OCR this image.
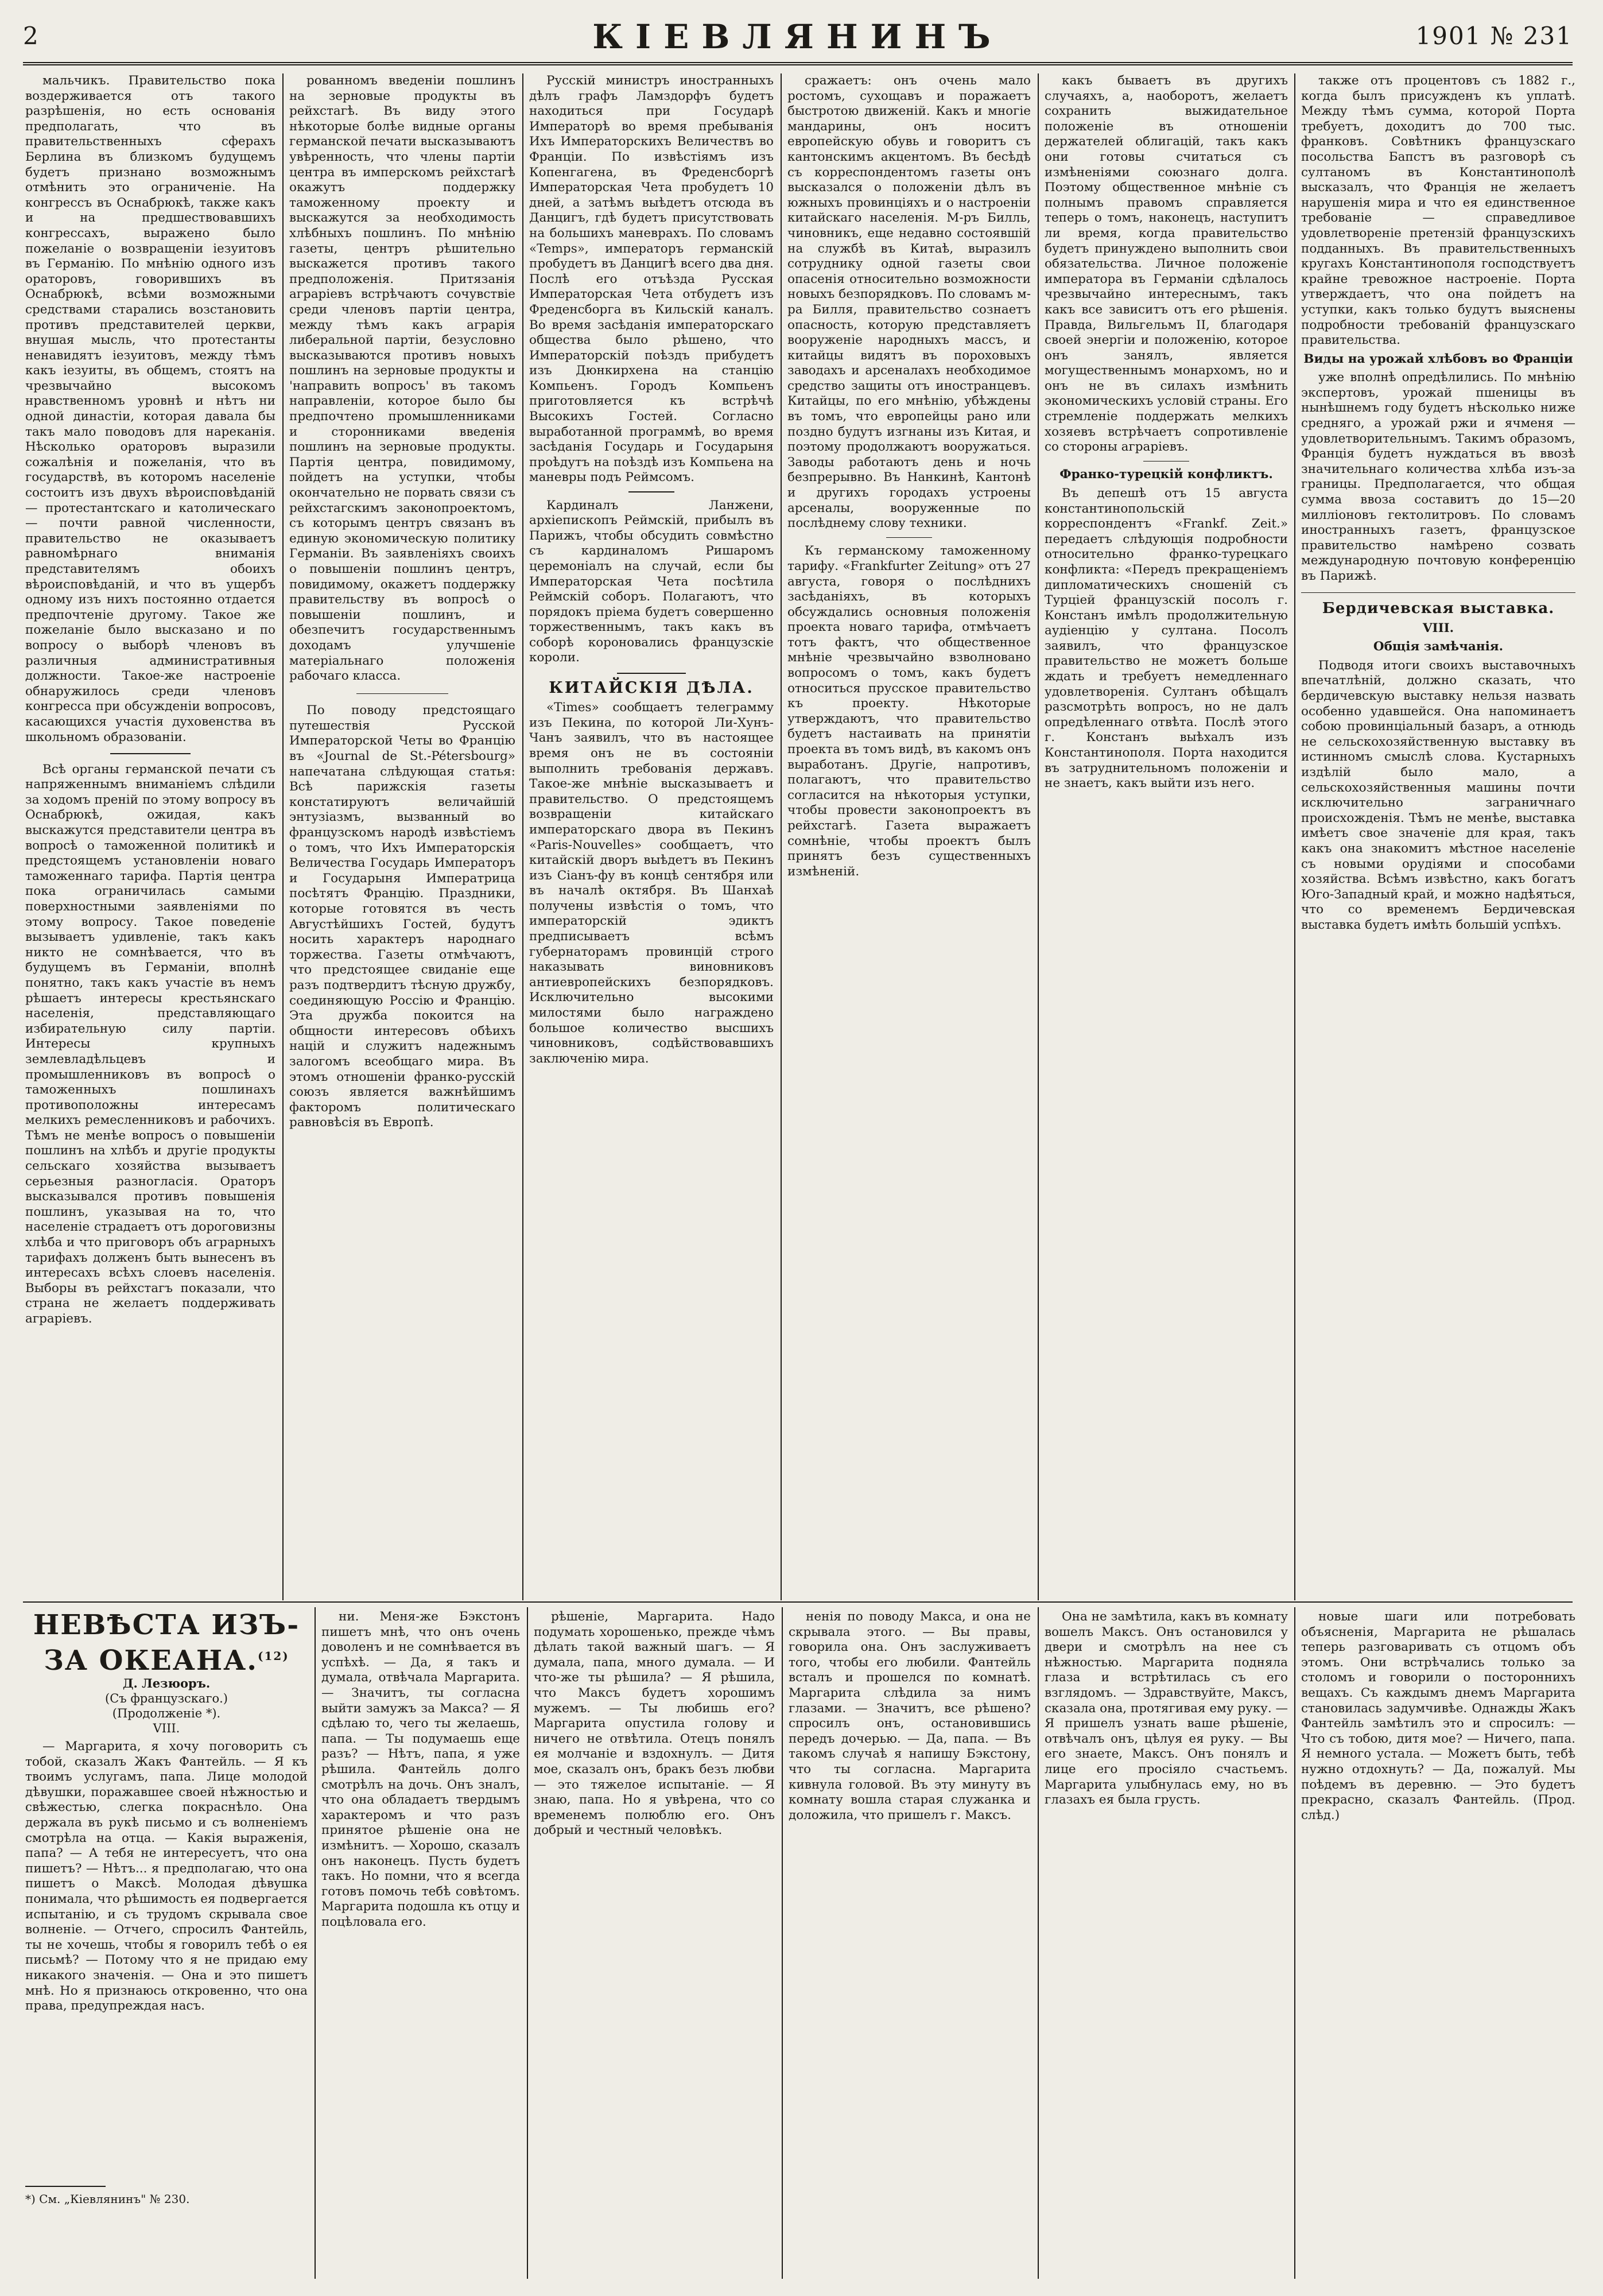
2	КІЕВЛЯНИНЪ	1901 № 231

мальчикъ. Правительство пока воздерживается отъ такого разрѣшенія, но есть основанія предполагать, что въ правительственныхъ сферахъ Берлина въ близкомъ будущемъ будетъ признано возможнымъ отмѣнить это ограниченіе. На конгрессъ въ Оснабрюкѣ, также какъ и на предшествовавшихъ конгрессахъ, выражено было пожеланіе о возвращеніи іезуитовъ въ Германію. По мнѣнію одного изъ ораторовъ, говорившихъ въ Оснабрюкѣ, всѣми возможными средствами старались возстановить противъ представителей церкви, внушая мысль, что протестанты ненавидятъ іезуитовъ, между тѣмъ какъ іезуиты, въ общемъ, стоятъ на чрезвычайно высокомъ нравственномъ уровнѣ и нѣтъ ни одной династіи, которая давала бы такъ мало поводовъ для нареканія. Нѣсколько ораторовъ выразили сожалѣнія и пожеланія, что въ государствѣ, въ которомъ населеніе состоитъ изъ двухъ вѣроисповѣданій — протестантскаго и католическаго — почти равной численности, правительство не оказываетъ равномѣрнаго вниманія представителямъ обоихъ вѣроисповѣданій, и что въ ущербъ одному изъ нихъ постоянно отдается предпочтеніе другому. Такое же пожеланіе было высказано и по вопросу о выборѣ членовъ въ различныя административныя должности. Такое-же настроеніе обнаружилось среди членовъ конгресса при обсужденіи вопросовъ, касающихся участія духовенства въ школьномъ образованіи.

Всѣ органы германской печати съ напряженнымъ вниманіемъ слѣдили за ходомъ преній по этому вопросу въ Оснабрюкѣ, ожидая, какъ выскажутся представители центра въ вопросѣ о таможенной политикѣ и предстоящемъ установленіи новаго таможеннаго тарифа. Партія центра пока ограничилась самыми поверхностными заявленіями по этому вопросу. Такое поведеніе вызываетъ удивленіе, такъ какъ никто не сомнѣвается, что въ будущемъ въ Германіи, вполнѣ понятно, такъ какъ участіе въ немъ рѣшаетъ интересы крестьянскаго населенія, представляющаго избирательную силу партіи. Интересы крупныхъ землевладѣльцевъ и промышленниковъ въ вопросѣ о таможенныхъ пошлинахъ противоположны интересамъ мелкихъ ремесленниковъ и рабочихъ. Тѣмъ не менѣе вопросъ о повышеніи пошлинъ на хлѣбъ и другіе продукты сельскаго хозяйства вызываетъ серьезныя разногласія. Ораторъ высказывался противъ повышенія пошлинъ, указывая на то, что населеніе страдаетъ отъ дороговизны хлѣба и что приговоръ объ аграрныхъ тарифахъ долженъ быть вынесенъ въ интересахъ всѣхъ слоевъ населенія. Выборы въ рейхстагъ показали, что страна не желаетъ поддерживать аграріевъ.

рованномъ введеніи пошлинъ на зерновые продукты въ рейхстагѣ. Въ виду этого нѣкоторые болѣе видные органы германской печати высказываютъ увѣренность, что члены партіи центра въ имперскомъ рейхстагѣ окажутъ поддержку таможенному проекту и выскажутся за необходимость хлѣбныхъ пошлинъ. По мнѣнію газеты, центръ рѣшительно выскажется противъ такого предположенія. Притязанія аграріевъ встрѣчаютъ сочувствіе среди членовъ партіи центра, между тѣмъ какъ аграрія либеральной партіи, безусловно высказываются противъ новыхъ пошлинъ на зерновые продукты и 'направить вопросъ' въ такомъ направленіи, которое было бы предпочтено промышленниками и сторонниками введенія пошлинъ на зерновые продукты. Партія центра, повидимому, пойдетъ на уступки, чтобы окончательно не порвать связи съ рейхстагскимъ законопроектомъ, съ которымъ центръ связанъ въ единую экономическую политику Германіи. Въ заявленіяхъ своихъ о повышеніи пошлинъ центръ, повидимому, окажетъ поддержку правительству въ вопросѣ о повышеніи пошлинъ, и обезпечитъ государственнымъ доходамъ улучшеніе матеріальнаго положенія рабочаго класса.

По поводу предстоящаго путешествія Русской Императорской Четы во Францію въ «Journal de St.-Pétersbourg» напечатана слѣдующая статья: Всѣ парижскія газеты констатируютъ величайшій энтузіазмъ, вызванный во французскомъ народѣ извѣстіемъ о томъ, что Ихъ Императорскія Величества Государь Императоръ и Государыня Императрица посѣтятъ Францію. Праздники, которые готовятся въ честь Августѣйшихъ Гостей, будутъ носить характеръ народнаго торжества. Газеты отмѣчаютъ, что предстоящее свиданіе еще разъ подтвердитъ тѣсную дружбу, соединяющую Россію и Францію. Эта дружба покоится на общности интересовъ обѣихъ націй и служитъ надежнымъ залогомъ всеобщаго мира. Въ этомъ отношеніи франко-русскій союзъ является важнѣйшимъ факторомъ политическаго равновѣсія въ Европѣ.

Русскій министръ иностранныхъ дѣлъ графъ Ламздорфъ будетъ находиться при Государѣ Императорѣ во время пребыванія Ихъ Императорскихъ Величествъ во Франціи. По извѣстіямъ изъ Копенгагена, въ Фреденсборгѣ Императорская Чета пробудетъ 10 дней, а затѣмъ выѣдетъ отсюда въ Данцигъ, гдѣ будетъ присутствовать на большихъ маневрахъ. По словамъ «Temps», императоръ германскій пробудетъ въ Данцигѣ всего два дня. Послѣ его отъѣзда Русская Императорская Чета отбудетъ изъ Фреденсборга въ Кильскій каналъ. Во время засѣданія императорскаго общества было рѣшено, что Императорскій поѣздъ прибудетъ изъ Дюнкирхена на станцію Компьенъ. Городъ Компьенъ приготовляется къ встрѣчѣ Высокихъ Гостей. Согласно выработанной программѣ, во время засѣданія Государь и Государыня проѣдутъ на поѣздѣ изъ Компьена на маневры подъ Реймсомъ.

Кардиналъ Ланжени, архіепископъ Реймскій, прибылъ въ Парижъ, чтобы обсудить совмѣстно съ кардиналомъ Ришаромъ церемоніалъ на случай, если бы Императорская Чета посѣтила Реймскій соборъ. Полагаютъ, что порядокъ пріема будетъ совершенно торжественнымъ, такъ какъ въ соборѣ короновались французскіе короли.

КИТАЙСКІЯ ДѢЛА.

«Times» сообщаетъ телеграмму изъ Пекина, по которой Ли-Хунъ-Чанъ заявилъ, что въ настоящее время онъ не въ состояніи выполнить требованія державъ. Такое-же мнѣніе высказываетъ и правительство. О предстоящемъ возвращеніи китайскаго императорскаго двора въ Пекинъ «Paris-Nouvelles» сообщаетъ, что китайскій дворъ выѣдетъ въ Пекинъ изъ Сіанъ-фу въ концѣ сентября или въ началѣ октября. Въ Шанхаѣ получены извѣстія о томъ, что императорскій эдиктъ предписываетъ всѣмъ губернаторамъ провинцій строго наказывать виновниковъ антиевропейскихъ безпорядковъ. Исключительно высокими милостями было награждено большое количество высшихъ чиновниковъ, содѣйствовавшихъ заключенію мира.

сражаетъ: онъ очень мало ростомъ, сухощавъ и поражаетъ быстротою движеній. Какъ и многіе мандарины, онъ носитъ европейскую обувь и говоритъ съ кантонскимъ акцентомъ. Въ бесѣдѣ съ корреспондентомъ газеты онъ высказался о положеніи дѣлъ въ южныхъ провинціяхъ и о настроеніи китайскаго населенія. М-ръ Билль, чиновникъ, еще недавно состоявшій на службѣ въ Китаѣ, выразилъ сотруднику одной газеты свои опасенія относительно возможности новыхъ безпорядковъ. По словамъ м-ра Билля, правительство сознаетъ опасность, которую представляетъ вооруженіе народныхъ массъ, и китайцы видятъ въ пороховыхъ заводахъ и арсеналахъ необходимое средство защиты отъ иностранцевъ. Китайцы, по его мнѣнію, убѣждены въ томъ, что европейцы рано или поздно будутъ изгнаны изъ Китая, и поэтому продолжаютъ вооружаться. Заводы работаютъ день и ночь безпрерывно. Въ Нанкинѣ, Кантонѣ и другихъ городахъ устроены арсеналы, вооруженные по послѣднему слову техники.

Къ германскому таможенному тарифу. «Frankfurter Zeitung» отъ 27 августа, говоря о послѣднихъ засѣданіяхъ, въ которыхъ обсуждались основныя положенія проекта новаго тарифа, отмѣчаетъ тотъ фактъ, что общественное мнѣніе чрезвычайно взволновано вопросомъ о томъ, какъ будетъ относиться прусское правительство къ проекту. Нѣкоторые утверждаютъ, что правительство будетъ настаивать на принятіи проекта въ томъ видѣ, въ какомъ онъ выработанъ. Другіе, напротивъ, полагаютъ, что правительство согласится на нѣкоторыя уступки, чтобы провести законопроектъ въ рейхстагѣ. Газета выражаетъ сомнѣніе, чтобы проектъ былъ принятъ безъ существенныхъ измѣненій.

какъ бываетъ въ другихъ случаяхъ, а, наоборотъ, желаетъ сохранить выжидательное положеніе въ отношеніи держателей облигацій, такъ какъ они готовы считаться съ измѣненіями союзнаго долга. Поэтому общественное мнѣніе съ полнымъ правомъ справляется теперь о томъ, наконецъ, наступитъ ли время, когда правительство будетъ принуждено выполнить свои обязательства. Личное положеніе императора въ Германіи сдѣлалось чрезвычайно интереснымъ, такъ какъ все зависитъ отъ его рѣшенія. Правда, Вильгельмъ II, благодаря своей энергіи и положенію, которое онъ занялъ, является могущественнымъ монархомъ, но и онъ не въ силахъ измѣнить экономическихъ условій страны. Его стремленіе поддержать мелкихъ хозяевъ встрѣчаетъ сопротивленіе со стороны аграріевъ.

Франко-турецкій конфликтъ.

Въ депешѣ отъ 15 августа константинопольскій корреспондентъ «Frankf. Zeit.» передаетъ слѣдующія подробности относительно франко-турецкаго конфликта: «Передъ прекращеніемъ дипломатическихъ сношеній съ Турціей французскій посолъ г. Констанъ имѣлъ продолжительную аудіенцію у султана. Посолъ заявилъ, что французское правительство не можетъ больше ждать и требуетъ немедленнаго удовлетворенія. Султанъ обѣщалъ разсмотрѣть вопросъ, но не далъ опредѣленнаго отвѣта. Послѣ этого г. Констанъ выѣхалъ изъ Константинополя. Порта находится въ затруднительномъ положеніи и не знаетъ, какъ выйти изъ него.

также отъ процентовъ съ 1882 г., когда былъ присужденъ къ уплатѣ. Между тѣмъ сумма, которой Порта требуетъ, доходитъ до 700 тыс. франковъ. Совѣтникъ французскаго посольства Бапстъ въ разговорѣ съ султаномъ въ Константинополѣ высказалъ, что Франція не желаетъ нарушенія мира и что ея единственное требованіе — справедливое удовлетвореніе претензій французскихъ подданныхъ. Въ правительственныхъ кругахъ Константинополя господствуетъ крайне тревожное настроеніе. Порта утверждаетъ, что она пойдетъ на уступки, какъ только будутъ выяснены подробности требованій французскаго правительства.

Виды на урожай хлѣбовъ во Франціи

уже вполнѣ опредѣлились. По мнѣнію экспертовъ, урожай пшеницы въ нынѣшнемъ году будетъ нѣсколько ниже средняго, а урожай ржи и ячменя — удовлетворительнымъ. Такимъ образомъ, Франція будетъ нуждаться въ ввозѣ значительнаго количества хлѣба изъ-за границы. Предполагается, что общая сумма ввоза составитъ до 15—20 милліоновъ гектолитровъ. По словамъ иностранныхъ газетъ, французское правительство намѣрено созвать международную почтовую конференцію въ Парижѣ.

Бердичевская выставка.
VIII.
Общія замѣчанія.

Подводя итоги своихъ выставочныхъ впечатлѣній, должно сказать, что бердичевскую выставку нельзя назвать особенно удавшейся. Она напоминаетъ собою провинціальный базаръ, а отнюдь не сельскохозяйственную выставку въ истинномъ смыслѣ слова. Кустарныхъ издѣлій было мало, а сельскохозяйственныя машины почти исключительно заграничнаго происхожденія. Тѣмъ не менѣе, выставка имѣетъ свое значеніе для края, такъ какъ она знакомитъ мѣстное населеніе съ новыми орудіями и способами хозяйства. Всѣмъ извѣстно, какъ богатъ Юго-Западный край, и можно надѣяться, что со временемъ Бердичевская выставка будетъ имѣть большій успѣхъ.

НЕВѢСТА ИЗЪ-ЗА ОКЕАНА.$^{(12)}$
Д. Лезюоръ.
(Съ французскаго.)
(Продолженіе *).
VIII.

— Маргарита, я хочу поговорить съ тобой, сказалъ Жакъ Фантейль. — Я къ твоимъ услугамъ, папа. Лице молодой дѣвушки, поражавшее своей нѣжностью и свѣжестью, слегка покраснѣло. Она держала въ рукѣ письмо и съ волненіемъ смотрѣла на отца. — Какія выраженія, папа? — А тебя не интересуетъ, что она пишетъ? — Нѣтъ... я предполагаю, что она пишетъ о Максѣ. Молодая дѣвушка понимала, что рѣшимость ея подвергается испытанію, и съ трудомъ скрывала свое волненіе. — Отчего, спросилъ Фантейль, ты не хочешь, чтобы я говорилъ тебѣ о ея письмѣ? — Потому что я не придаю ему никакого значенія. — Она и это пишетъ мнѣ. Но я признаюсь откровенно, что она права, предупреждая насъ.

*) См. „Кіевлянинъ" № 230.

ни. Меня-же Бэкстонъ пишетъ мнѣ, что онъ очень доволенъ и не сомнѣвается въ успѣхѣ. — Да, я такъ и думала, отвѣчала Маргарита. — Значитъ, ты согласна выйти замужъ за Макса? — Я сдѣлаю то, чего ты желаешь, папа. — Ты подумаешь еще разъ? — Нѣтъ, папа, я уже рѣшила. Фантейль долго смотрѣлъ на дочь. Онъ зналъ, что она обладаетъ твердымъ характеромъ и что разъ принятое рѣшеніе она не измѣнитъ. — Хорошо, сказалъ онъ наконецъ. Пусть будетъ такъ. Но помни, что я всегда готовъ помочь тебѣ совѣтомъ. Маргарита подошла къ отцу и поцѣловала его.

рѣшеніе, Маргарита. Надо подумать хорошенько, прежде чѣмъ дѣлать такой важный шагъ. — Я думала, папа, много думала. — И что-же ты рѣшила? — Я рѣшила, что Максъ будетъ хорошимъ мужемъ. — Ты любишь его? Маргарита опустила голову и ничего не отвѣтила. Отецъ понялъ ея молчаніе и вздохнулъ. — Дитя мое, сказалъ онъ, бракъ безъ любви — это тяжелое испытаніе. — Я знаю, папа. Но я увѣрена, что со временемъ полюблю его. Онъ добрый и честный человѣкъ.

ненія по поводу Макса, и она не скрывала этого. — Вы правы, говорила она. Онъ заслуживаетъ того, чтобы его любили. Фантейль всталъ и прошелся по комнатѣ. Маргарита слѣдила за нимъ глазами. — Значитъ, все рѣшено? спросилъ онъ, остановившись передъ дочерью. — Да, папа. — Въ такомъ случаѣ я напишу Бэкстону, что ты согласна. Маргарита кивнула головой. Въ эту минуту въ комнату вошла старая служанка и доложила, что пришелъ г. Максъ.

Она не замѣтила, какъ въ комнату вошелъ Максъ. Онъ остановился у двери и смотрѣлъ на нее съ нѣжностью. Маргарита подняла глаза и встрѣтилась съ его взглядомъ. — Здравствуйте, Максъ, сказала она, протягивая ему руку. — Я пришелъ узнать ваше рѣшеніе, отвѣчалъ онъ, цѣлуя ея руку. — Вы его знаете, Максъ. Онъ понялъ и лице его просіяло счастьемъ. Маргарита улыбнулась ему, но въ глазахъ ея была грусть.

новые шаги или потребовать объясненія, Маргарита не рѣшалась теперь разговаривать съ отцомъ объ этомъ. Они встрѣчались только за столомъ и говорили о постороннихъ вещахъ. Съ каждымъ днемъ Маргарита становилась задумчивѣе. Однажды Жакъ Фантейль замѣтилъ это и спросилъ: — Что съ тобою, дитя мое? — Ничего, папа. Я немного устала. — Можетъ быть, тебѣ нужно отдохнуть? — Да, пожалуй. Мы поѣдемъ въ деревню. — Это будетъ прекрасно, сказалъ Фантейль. (Прод. слѣд.)
